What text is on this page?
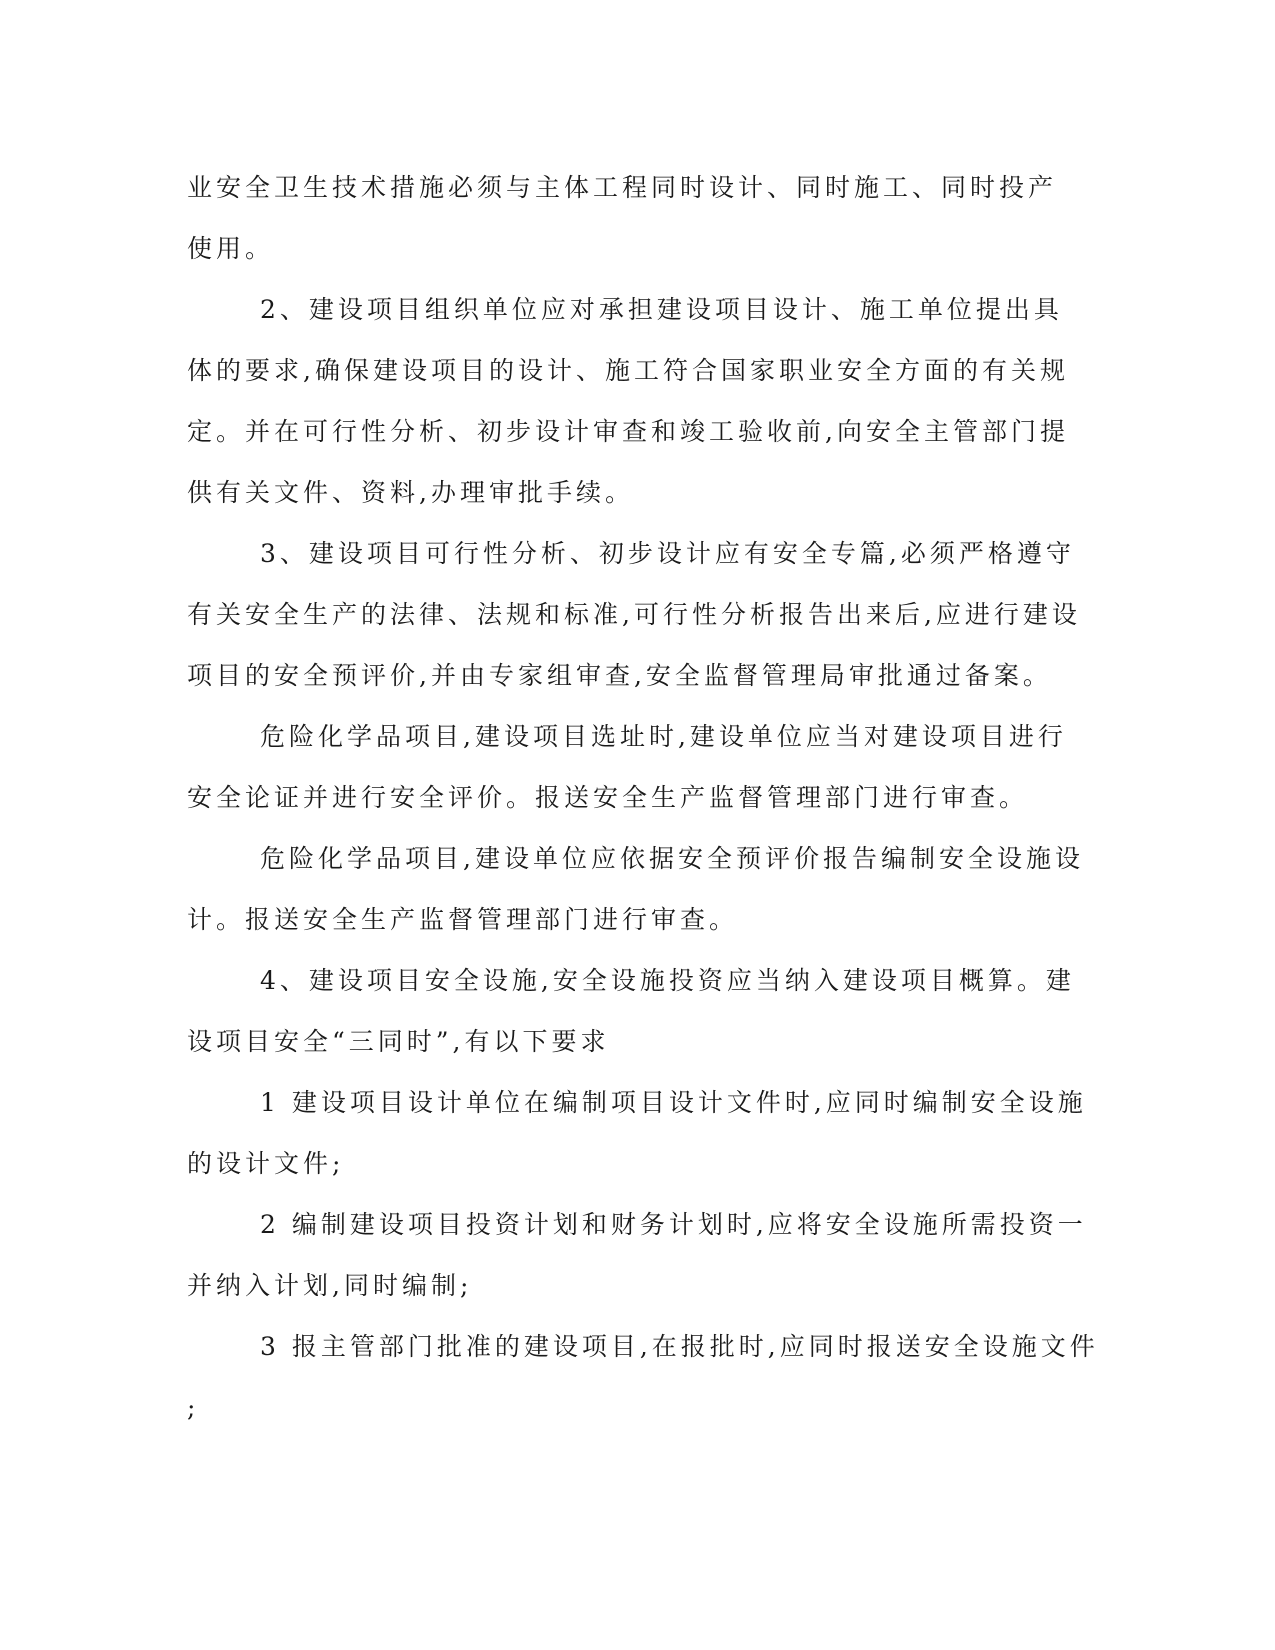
业安全卫生技术措施必须与主体工程同时设计、同时施工、同时投产
使用。

2、建设项目组织单位应对承担建设项目设计、施工单位提出具
体的要求,确保建设项目的设计、施工符合国家职业安全方面的有关规
定。并在可行性分析、初步设计审查和竣工验收前,向安全主管部门提
供有关文件、资料,办理审批手续。

3、建设项目可行性分析、初步设计应有安全专篇,必须严格遵守
有关安全生产的法律、法规和标准,可行性分析报告出来后,应进行建设
项目的安全预评价,并由专家组审查,安全监督管理局审批通过备案。

危险化学品项目,建设项目选址时,建设单位应当对建设项目进行
安全论证并进行安全评价。报送安全生产监督管理部门进行审查。

危险化学品项目,建设单位应依据安全预评价报告编制安全设施设
计。报送安全生产监督管理部门进行审查。

4、建设项目安全设施,安全设施投资应当纳入建设项目概算。建
设项目安全“三同时”,有以下要求

1 建设项目设计单位在编制项目设计文件时,应同时编制安全设施
的设计文件;

2 编制建设项目投资计划和财务计划时,应将安全设施所需投资一
并纳入计划,同时编制;

3 报主管部门批准的建设项目,在报批时,应同时报送安全设施文件
;
